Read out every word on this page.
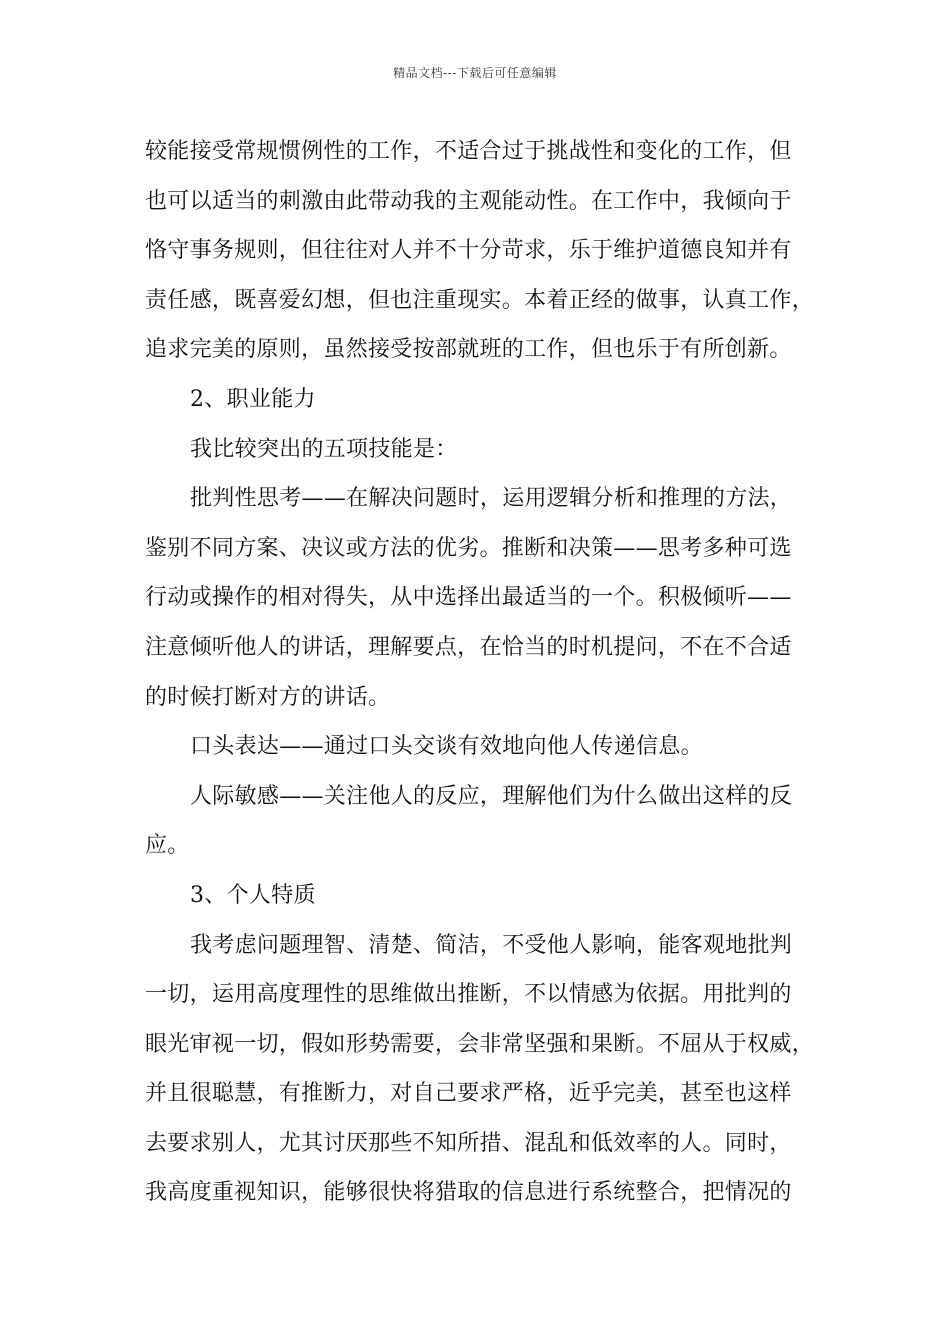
精品文档---下载后可任意编辑

较能接受常规惯例性的工作，不适合过于挑战性和变化的工作，但

也可以适当的刺激由此带动我的主观能动性。在工作中，我倾向于

恪守事务规则，但往往对人并不十分苛求，乐于维护道德良知并有

责任感，既喜爱幻想，但也注重现实。本着正经的做事，认真工作，

追求完美的原则，虽然接受按部就班的工作，但也乐于有所创新。

2、职业能力

我比较突出的五项技能是：

批判性思考——在解决问题时，运用逻辑分析和推理的方法，

鉴别不同方案、决议或方法的优劣。推断和决策——思考多种可选

行动或操作的相对得失，从中选择出最适当的一个。积极倾听——

注意倾听他人的讲话，理解要点，在恰当的时机提问，不在不合适

的时候打断对方的讲话。

口头表达——通过口头交谈有效地向他人传递信息。

人际敏感——关注他人的反应，理解他们为什么做出这样的反

应。

3、个人特质

我考虑问题理智、清楚、简洁，不受他人影响，能客观地批判

一切，运用高度理性的思维做出推断，不以情感为依据。用批判的

眼光审视一切，假如形势需要，会非常坚强和果断。不屈从于权威，

并且很聪慧，有推断力，对自己要求严格，近乎完美，甚至也这样

去要求别人，尤其讨厌那些不知所措、混乱和低效率的人。同时，

我高度重视知识，能够很快将猎取的信息进行系统整合，把情况的
